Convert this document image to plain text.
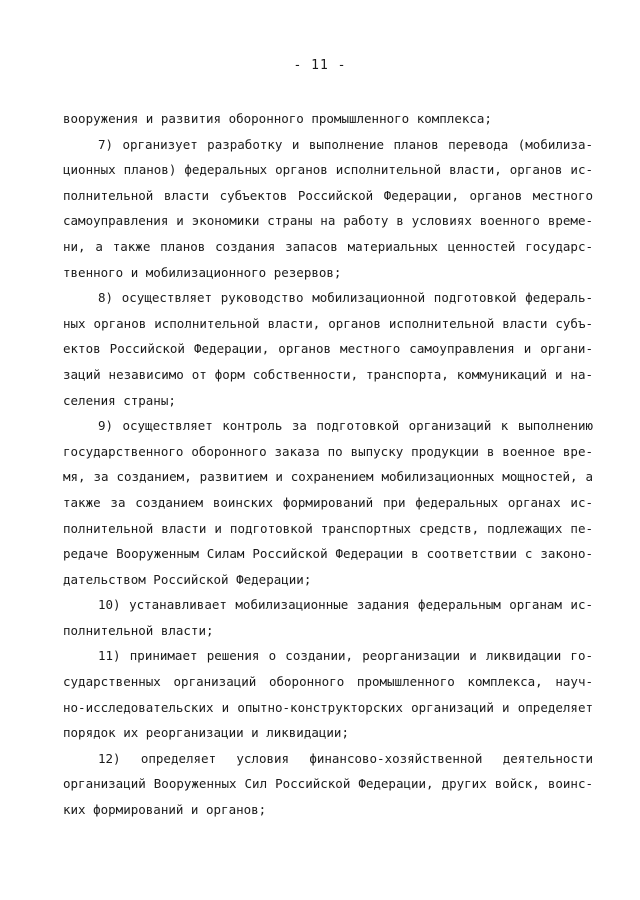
- 11 -
вооружения и развития оборонного промышленного комплекса;
7) организует разработку и выполнение планов перевода (мобилиза-
ционных планов) федеральных органов исполнительной власти, органов ис-
полнительной власти субъектов Российской Федерации, органов местного
самоуправления и экономики страны на работу в условиях военного време-
ни, а также планов создания запасов материальных ценностей государс-
твенного и мобилизационного резервов;
8) осуществляет руководство мобилизационной подготовкой федераль-
ных органов исполнительной власти, органов исполнительной власти субъ-
ектов Российской Федерации, органов местного самоуправления и органи-
заций независимо от форм собственности, транспорта, коммуникаций и на-
селения страны;
9) осуществляет контроль за подготовкой организаций к выполнению
государственного оборонного заказа по выпуску продукции в военное вре-
мя, за созданием, развитием и сохранением мобилизационных мощностей, а
также за созданием воинских формирований при федеральных органах ис-
полнительной власти и подготовкой транспортных средств, подлежащих пе-
редаче Вооруженным Силам Российской Федерации в соответствии с законо-
дательством Российской Федерации;
10) устанавливает мобилизационные задания федеральным органам ис-
полнительной власти;
11) принимает решения о создании, реорганизации и ликвидации го-
сударственных организаций оборонного промышленного комплекса, науч-
но-исследовательских и опытно-конструкторских организаций и определяет
порядок их реорганизации и ликвидации;
12) определяет условия финансово-хозяйственной деятельности
организаций Вооруженных Сил Российской Федерации, других войск, воинс-
ких формирований и органов;
